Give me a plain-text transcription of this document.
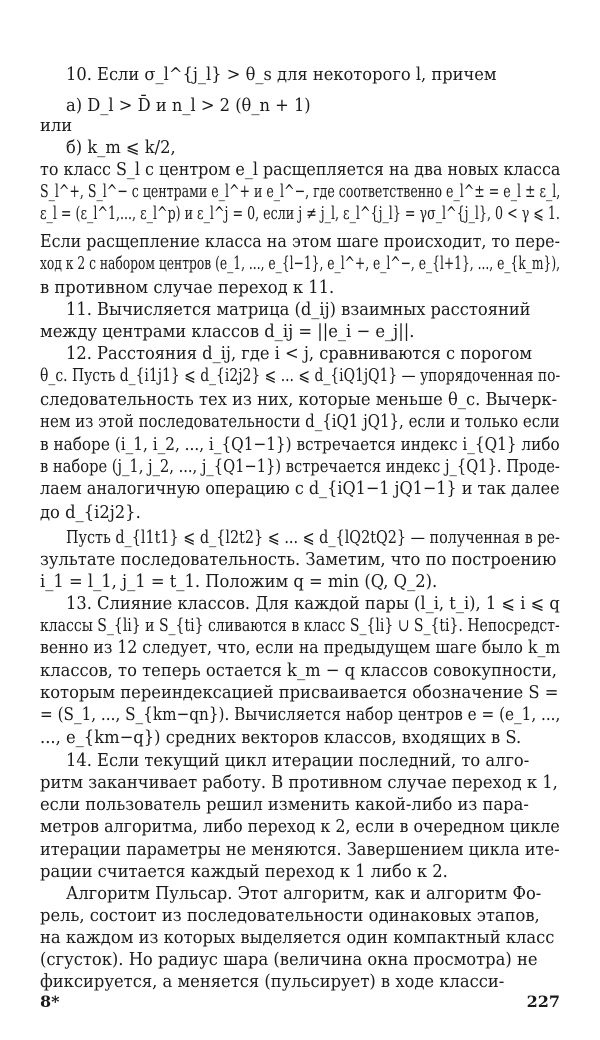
10. Если σ_l^{j_l} > θ_s для некоторого l, причем
а) D_l > D̄ и n_l > 2 (θ_n + 1)
или
б) k_m ⩽ k/2,
то класс S_l с центром e_l расщепляется на два новых класса
S_l^+, S_l^− с центрами e_l^+ и e_l^−, где соответственно e_l^± = e_l ± ε_l,
ε_l = (ε_l^1,..., ε_l^p) и ε_l^j = 0, если j ≠ j_l, ε_l^{j_l} = γσ_l^{j_l}, 0 < γ ⩽ 1.
Если расщепление класса на этом шаге происходит, то пере-
ход к 2 с набором центров (e_1, ..., e_{l−1}, e_l^+, e_l^−, e_{l+1}, ..., e_{k_m}),
в противном случае переход к 11.
11. Вычисляется матрица (d_ij) взаимных расстояний
между центрами классов d_ij = ||e_i − e_j||.
12. Расстояния d_ij, где i < j, сравниваются с порогом
θ_c. Пусть d_{i1j1} ⩽ d_{i2j2} ⩽ ... ⩽ d_{iQ1jQ1} — упорядоченная по-
следовательность тех из них, которые меньше θ_c. Вычерк-
нем из этой последовательности d_{iQ1 jQ1}, если и только если
в наборе (i_1, i_2, ..., i_{Q1−1}) встречается индекс i_{Q1} либо
в наборе (j_1, j_2, ..., j_{Q1−1}) встречается индекс j_{Q1}. Проде-
лаем аналогичную операцию с d_{iQ1−1 jQ1−1} и так далее
до d_{i2j2}.
Пусть d_{l1t1} ⩽ d_{l2t2} ⩽ ... ⩽ d_{lQ2tQ2} — полученная в ре-
зультате последовательность. Заметим, что по построению
i_1 = l_1, j_1 = t_1. Положим q = min (Q, Q_2).
13. Слияние классов. Для каждой пары (l_i, t_i), 1 ⩽ i ⩽ q
классы S_{li} и S_{ti} сливаются в класс S_{li} ∪ S_{ti}. Непосредст-
венно из 12 следует, что, если на предыдущем шаге было k_m
классов, то теперь остается k_m − q классов совокупности,
которым переиндексацией присваивается обозначение S =
= (S_1, ..., S_{km−qn}). Вычисляется набор центров e = (e_1, ...,
..., e_{km−q}) средних векторов классов, входящих в S.
14. Если текущий цикл итерации последний, то алго-
ритм заканчивает работу. В противном случае переход к 1,
если пользователь решил изменить какой-либо из пара-
метров алгоритма, либо переход к 2, если в очередном цикле
итерации параметры не меняются. Завершением цикла ите-
рации считается каждый переход к 1 либо к 2.
Алгоритм Пульсар. Этот алгоритм, как и алгоритм Фо-
рель, состоит из последовательности одинаковых этапов,
на каждом из которых выделяется один компактный класс
(сгусток). Но радиус шара (величина окна просмотра) не
фиксируется, а меняется (пульсирует) в ходе класси-
8*	227
